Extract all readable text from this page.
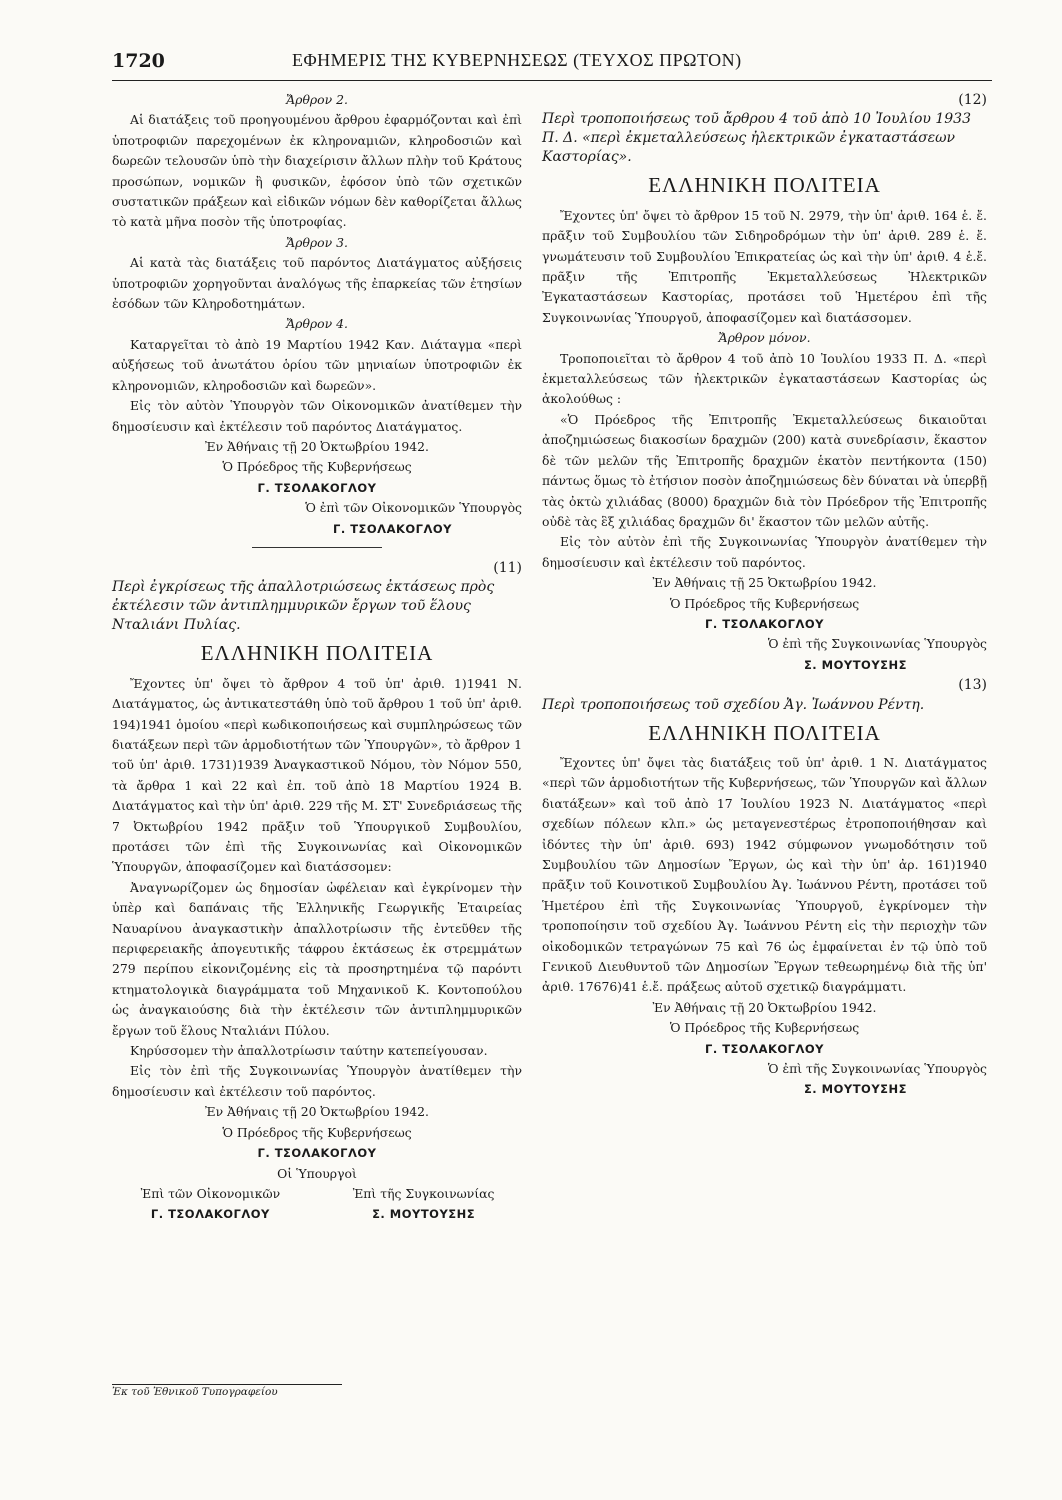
1720	ΕΦΗΜΕΡΙΣ ΤΗΣ ΚΥΒΕΡΝΗΣΕΩΣ (ΤΕΥΧΟΣ ΠΡΩΤΟΝ)

Ἄρθρον 2.

Αἱ διατάξεις τοῦ προηγουμένου ἄρθρου ἐφαρμόζονται καὶ ἐπὶ ὑποτροφιῶν παρεχομένων ἐκ κληροναμιῶν, κληροδοσιῶν καὶ δωρεῶν τελουσῶν ὑπὸ τὴν διαχείρισιν ἄλλων πλὴν τοῦ Κράτους προσώπων, νομικῶν ἢ φυσικῶν, ἐφόσον ὑπὸ τῶν σχετικῶν συστατικῶν πράξεων καὶ εἰδικῶν νόμων δὲν καθορίζεται ἄλλως τὸ κατὰ μῆνα ποσὸν τῆς ὑποτροφίας.

Ἄρθρον 3.

Αἱ κατὰ τὰς διατάξεις τοῦ παρόντος Διατάγματος αὐξήσεις ὑποτροφιῶν χορηγοῦνται ἀναλόγως τῆς ἐπαρκείας τῶν ἐτησίων ἐσόδων τῶν Κληροδοτημάτων.

Ἄρθρον 4.

Καταργεῖται τὸ ἀπὸ 19 Μαρτίου 1942 Καν. Διάταγμα «περὶ αὐξήσεως τοῦ ἀνωτάτου ὁρίου τῶν μηνιαίων ὑποτροφιῶν ἐκ κληρονομιῶν, κληροδοσιῶν καὶ δωρεῶν».

Εἰς τὸν αὐτὸν Ὑπουργὸν τῶν Οἰκονομικῶν ἀνατίθεμεν τὴν δημοσίευσιν καὶ ἐκτέλεσιν τοῦ παρόντος Διατάγματος.

Ἐν Ἀθήναις τῇ 20 Ὀκτωβρίου 1942.

Ὁ Πρόεδρος τῆς Κυβερνήσεως

Γ. ΤΣΟΛΑΚΟΓΛΟΥ

Ὁ ἐπὶ τῶν Οἰκονομικῶν Ὑπουργὸς

Γ. ΤΣΟΛΑΚΟΓΛΟΥ

(11)

Περὶ ἐγκρίσεως τῆς ἀπαλλοτριώσεως ἐκτάσεως πρὸς ἐκτέλεσιν τῶν ἀντιπλημμυρικῶν ἔργων τοῦ ἕλους Νταλιάνι Πυλίας.

ΕΛΛΗΝΙΚΗ ΠΟΛΙΤΕΙΑ

Ἔχοντες ὑπ' ὄψει τὸ ἄρθρον 4 τοῦ ὑπ' ἀριθ. 1)1941 Ν. Διατάγματος, ὡς ἀντικατεστάθη ὑπὸ τοῦ ἄρθρου 1 τοῦ ὑπ' ἀριθ. 194)1941 ὁμοίου «περὶ κωδικοποιήσεως καὶ συμπληρώσεως τῶν διατάξεων περὶ τῶν ἁρμοδιοτήτων τῶν Ὑπουργῶν», τὸ ἄρθρον 1 τοῦ ὑπ' ἀριθ. 1731)1939 Ἀναγκαστικοῦ Νόμου, τὸν Νόμον 550, τὰ ἄρθρα 1 καὶ 22 καὶ ἐπ. τοῦ ἀπὸ 18 Μαρτίου 1924 Β. Διατάγματος καὶ τὴν ὑπ' ἀριθ. 229 τῆς Μ. ΣΤ' Συνεδριάσεως τῆς 7 Ὀκτωβρίου 1942 πρᾶξιν τοῦ Ὑπουργικοῦ Συμβουλίου, προτάσει τῶν ἐπὶ τῆς Συγκοινωνίας καὶ Οἰκονομικῶν Ὑπουργῶν, ἀποφασίζομεν καὶ διατάσσομεν:

Ἀναγνωρίζομεν ὡς δημοσίαν ὠφέλειαν καὶ ἐγκρίνομεν τὴν ὑπὲρ καὶ δαπάναις τῆς Ἑλληνικῆς Γεωργικῆς Ἑταιρείας Ναυαρίνου ἀναγκαστικὴν ἀπαλλοτρίωσιν τῆς ἐντεῦθεν τῆς περιφερειακῆς ἀπογευτικῆς τάφρου ἐκτάσεως ἐκ στρεμμάτων 279 περίπου εἰκονιζομένης εἰς τὰ προσηρτημένα τῷ παρόντι κτηματολογικὰ διαγράμματα τοῦ Μηχανικοῦ Κ. Κοντοπούλου ὡς ἀναγκαιούσης διὰ τὴν ἐκτέλεσιν τῶν ἀντιπλημμυρικῶν ἔργων τοῦ ἕλους Νταλιάνι Πύλου.

Κηρύσσομεν τὴν ἀπαλλοτρίωσιν ταύτην κατεπείγουσαν.

Εἰς τὸν ἐπὶ τῆς Συγκοινωνίας Ὑπουργὸν ἀνατίθεμεν τὴν δημοσίευσιν καὶ ἐκτέλεσιν τοῦ παρόντος.

Ἐν Ἀθήναις τῇ 20 Ὀκτωβρίου 1942.

Ὁ Πρόεδρος τῆς Κυβερνήσεως

Γ. ΤΣΟΛΑΚΟΓΛΟΥ

Οἱ Ὑπουργοὶ

Ἐπὶ τῶν Οἰκονομικῶν

Γ. ΤΣΟΛΑΚΟΓΛΟΥ

Ἐπὶ τῆς Συγκοινωνίας

Σ. ΜΟΥΤΟΥΣΗΣ

(12)

Περὶ τροποποιήσεως τοῦ ἄρθρου 4 τοῦ ἀπὸ 10 Ἰουλίου 1933 Π. Δ. «περὶ ἐκμεταλλεύσεως ἠλεκτρικῶν ἐγκαταστάσεων Καστορίας».

ΕΛΛΗΝΙΚΗ ΠΟΛΙΤΕΙΑ

Ἔχοντες ὑπ' ὄψει τὸ ἄρθρον 15 τοῦ Ν. 2979, τὴν ὑπ' ἀριθ. 164 ἑ. ἔ. πρᾶξιν τοῦ Συμβουλίου τῶν Σιδηροδρόμων τὴν ὑπ' ἀριθ. 289 ἑ. ἔ. γνωμάτευσιν τοῦ Συμβουλίου Ἐπικρατείας ὡς καὶ τὴν ὑπ' ἀριθ. 4 ἑ.ἔ. πρᾶξιν τῆς Ἐπιτροπῆς Ἐκμεταλλεύσεως Ἠλεκτρικῶν Ἐγκαταστάσεων Καστορίας, προτάσει τοῦ Ἡμετέρου ἐπὶ τῆς Συγκοινωνίας Ὑπουργοῦ, ἀποφασίζομεν καὶ διατάσσομεν.

Ἄρθρον μόνον.

Τροποποιεῖται τὸ ἄρθρον 4 τοῦ ἀπὸ 10 Ἰουλίου 1933 Π. Δ. «περὶ ἐκμεταλλεύσεως τῶν ἠλεκτρικῶν ἐγκαταστάσεων Καστορίας ὡς ἀκολούθως :

«Ὁ Πρόεδρος τῆς Ἐπιτροπῆς Ἐκμεταλλεύσεως δικαιοῦται ἀποζημιώσεως διακοσίων δραχμῶν (200) κατὰ συνεδρίασιν, ἕκαστον δὲ τῶν μελῶν τῆς Ἐπιτροπῆς δραχμῶν ἑκατὸν πεντήκοντα (150) πάντως ὅμως τὸ ἐτήσιον ποσὸν ἀποζημιώσεως δὲν δύναται νὰ ὑπερβῇ τὰς ὀκτὼ χιλιάδας (8000) δραχμῶν διὰ τὸν Πρόεδρον τῆς Ἐπιτροπῆς οὐδὲ τὰς ἓξ χιλιάδας δραχμῶν δι' ἕκαστον τῶν μελῶν αὐτῆς.

Εἰς τὸν αὐτὸν ἐπὶ τῆς Συγκοινωνίας Ὑπουργὸν ἀνατίθεμεν τὴν δημοσίευσιν καὶ ἐκτέλεσιν τοῦ παρόντος.

Ἐν Ἀθήναις τῇ 25 Ὀκτωβρίου 1942.

Ὁ Πρόεδρος τῆς Κυβερνήσεως

Γ. ΤΣΟΛΑΚΟΓΛΟΥ

Ὁ ἐπὶ τῆς Συγκοινωνίας Ὑπουργὸς

Σ. ΜΟΥΤΟΥΣΗΣ

(13)

Περὶ τροποποιήσεως τοῦ σχεδίου Ἀγ. Ἰωάννου Ρέντη.

ΕΛΛΗΝΙΚΗ ΠΟΛΙΤΕΙΑ

Ἔχοντες ὑπ' ὄψει τὰς διατάξεις τοῦ ὑπ' ἀριθ. 1 Ν. Διατάγματος «περὶ τῶν ἁρμοδιοτήτων τῆς Κυβερνήσεως, τῶν Ὑπουργῶν καὶ ἄλλων διατάξεων» καὶ τοῦ ἀπὸ 17 Ἰουλίου 1923 Ν. Διατάγματος «περὶ σχεδίων πόλεων κλπ.» ὡς μεταγενεστέρως ἐτροποποιήθησαν καὶ ἰδόντες τὴν ὑπ' ἀριθ. 693) 1942 σύμφωνον γνωμοδότησιν τοῦ Συμβουλίου τῶν Δημοσίων Ἔργων, ὡς καὶ τὴν ὑπ' ἀρ. 161)1940 πρᾶξιν τοῦ Κοινοτικοῦ Συμβουλίου Ἀγ. Ἰωάννου Ρέντη, προτάσει τοῦ Ἡμετέρου ἐπὶ τῆς Συγκοινωνίας Ὑπουργοῦ, ἐγκρίνομεν τὴν τροποποίησιν τοῦ σχεδίου Ἀγ. Ἰωάννου Ρέντη εἰς τὴν περιοχὴν τῶν οἰκοδομικῶν τετραγώνων 75 καὶ 76 ὡς ἐμφαίνεται ἐν τῷ ὑπὸ τοῦ Γενικοῦ Διευθυντοῦ τῶν Δημοσίων Ἔργων τεθεωρημένῳ διὰ τῆς ὑπ' ἀριθ. 17676)41 ἑ.ἔ. πράξεως αὐτοῦ σχετικῷ διαγράμματι.

Ἐν Ἀθήναις τῇ 20 Ὀκτωβρίου 1942.

Ὁ Πρόεδρος τῆς Κυβερνήσεως

Γ. ΤΣΟΛΑΚΟΓΛΟΥ

Ὁ ἐπὶ τῆς Συγκοινωνίας Ὑπουργὸς

Σ. ΜΟΥΤΟΥΣΗΣ

Ἐκ τοῦ Ἐθνικοῦ Τυπογραφείου
